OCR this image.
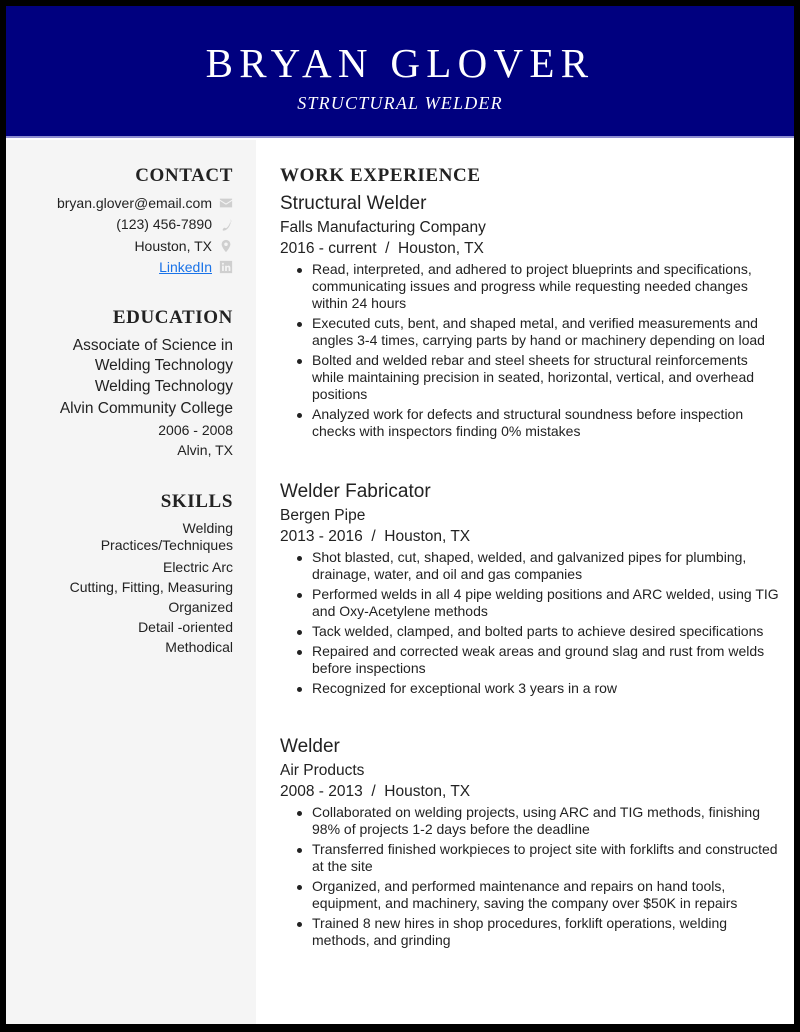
BRYAN GLOVER
STRUCTURAL WELDER
CONTACT
bryan.glover@email.com
(123) 456-7890
Houston, TX
LinkedIn
EDUCATION
Associate of Science in
Welding Technology
Welding Technology
Alvin Community College
2006 - 2008
Alvin, TX
SKILLS
Welding Practices/Techniques
Electric Arc
Cutting, Fitting, Measuring
Organized
Detail -oriented
Methodical
WORK EXPERIENCE
Structural Welder
Falls Manufacturing Company
2016 - current  /  Houston, TX
Read, interpreted, and adhered to project blueprints and specifications, communicating issues and progress while requesting needed changes within 24 hours
Executed cuts, bent, and shaped metal, and verified measurements and angles 3-4 times, carrying parts by hand or machinery depending on load
Bolted and welded rebar and steel sheets for structural reinforcements while maintaining precision in seated, horizontal, vertical, and overhead positions
Analyzed work for defects and structural soundness before inspection checks with inspectors finding 0% mistakes
Welder Fabricator
Bergen Pipe
2013 - 2016  /  Houston, TX
Shot blasted, cut, shaped, welded, and galvanized pipes for plumbing, drainage, water, and oil and gas companies
Performed welds in all 4 pipe welding positions and ARC welded, using TIG and Oxy-Acetylene methods
Tack welded, clamped, and bolted parts to achieve desired specifications
Repaired and corrected weak areas and ground slag and rust from welds before inspections
Recognized for exceptional work 3 years in a row
Welder
Air Products
2008 - 2013  /  Houston, TX
Collaborated on welding projects, using ARC and TIG methods, finishing 98% of projects 1-2 days before the deadline
Transferred finished workpieces to project site with forklifts and constructed at the site
Organized, and performed maintenance and repairs on hand tools, equipment, and machinery, saving the company over $50K in repairs
Trained 8 new hires in shop procedures, forklift operations, welding methods, and grinding
